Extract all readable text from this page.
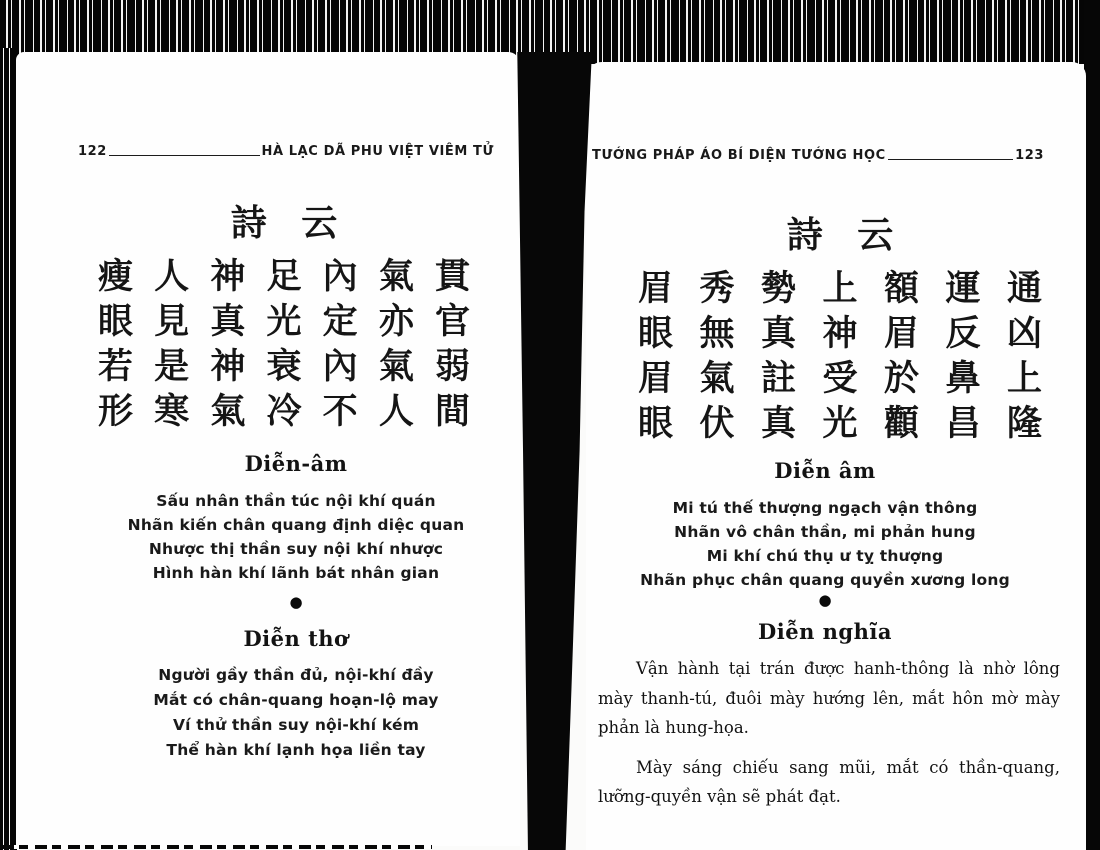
122	HÀ LẠC DÃ PHU VIỆT VIÊM TỬ
詩 云
瘦 人 神 足 內 氣 貫
眼 見 真 光 定 亦 官
若 是 神 衰 內 氣 弱
形 寒 氣 冷 不 人 間
Diễn-âm
Sấu nhân thần túc nội khí quán
Nhãn kiến chân quang định diệc quan
Nhược thị thần suy nội khí nhược
Hình hàn khí lãnh bát nhân gian
●
Diễn thơ
Người gầy thần đủ, nội-khí đầy
Mắt có chân-quang hoạn-lộ may
Ví thử thần suy nội-khí kém
Thể hàn khí lạnh họa liền tay
TƯỚNG PHÁP ÁO BÍ DIỆN TƯỚNG HỌC	123
詩 云
眉 秀 勢 上 額 運 通
眼 無 真 神 眉 反 凶
眉 氣 註 受 於 鼻 上
眼 伏 真 光 顴 昌 隆
Diễn âm
Mi tú thế thượng ngạch vận thông
Nhãn vô chân thần, mi phản hung
Mi khí chú thụ ư tỵ thượng
Nhãn phục chân quang quyền xương long
●
Diễn nghĩa

Vận hành tại trán được hanh-thông là nhờ lông mày thanh-tú, đuôi mày hướng lên, mắt hôn mờ mày phản là hung-họa.

Mày sáng chiếu sang mũi, mắt có thần-quang, lưỡng-quyền vận sẽ phát đạt.
